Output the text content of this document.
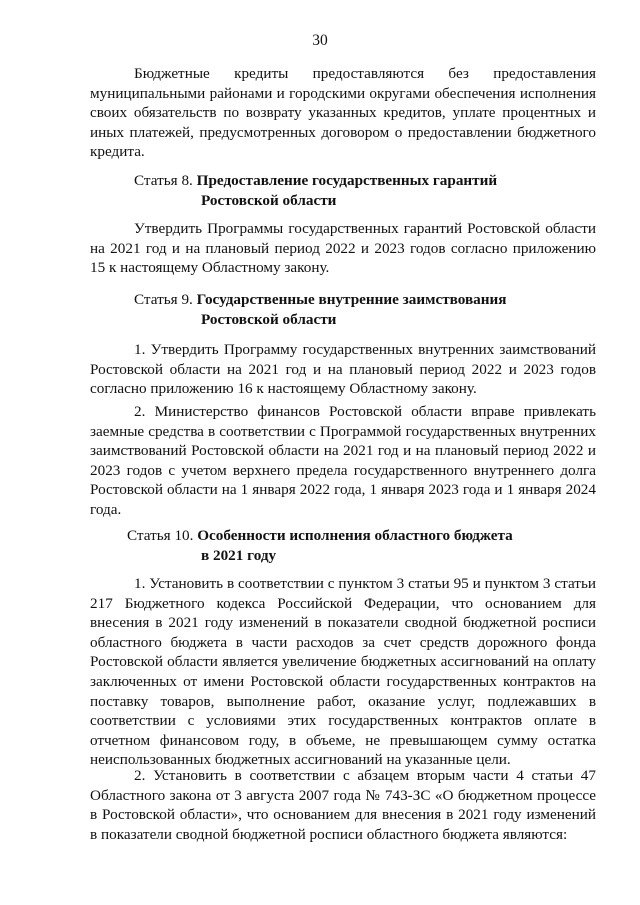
30

Бюджетные кредиты предоставляются без предоставления муниципальными районами и городскими округами обеспечения исполнения своих обязательств по возврату указанных кредитов, уплате процентных и иных платежей, предусмотренных договором о предоставлении бюджетного кредита.

Статья 8. Предоставление государственных гарантий
Ростовской области

Утвердить Программы государственных гарантий Ростовской области на 2021 год и на плановый период 2022 и 2023 годов согласно приложению 15 к настоящему Областному закону.

Статья 9. Государственные внутренние заимствования
Ростовской области

1. Утвердить Программу государственных внутренних заимствований Ростовской области на 2021 год и на плановый период 2022 и 2023 годов согласно приложению 16 к настоящему Областному закону.

2. Министерство финансов Ростовской области вправе привлекать заемные средства в соответствии с Программой государственных внутренних заимствований Ростовской области на 2021 год и на плановый период 2022 и 2023 годов с учетом верхнего предела государственного внутреннего долга Ростовской области на 1 января 2022 года, 1 января 2023 года и 1 января 2024 года.

Статья 10. Особенности исполнения областного бюджета
в 2021 году

1. Установить в соответствии с пунктом 3 статьи 95 и пунктом 3 статьи 217 Бюджетного кодекса Российской Федерации, что основанием для внесения в 2021 году изменений в показатели сводной бюджетной росписи областного бюджета в части расходов за счет средств дорожного фонда Ростовской области является увеличение бюджетных ассигнований на оплату заключенных от имени Ростовской области государственных контрактов на поставку товаров, выполнение работ, оказание услуг, подлежавших в соответствии с условиями этих государственных контрактов оплате в отчетном финансовом году, в объеме, не превышающем сумму остатка неиспользованных бюджетных ассигнований на указанные цели.

2. Установить в соответствии с абзацем вторым части 4 статьи 47 Областного закона от 3 августа 2007 года № 743-ЗС «О бюджетном процессе в Ростовской области», что основанием для внесения в 2021 году изменений в показатели сводной бюджетной росписи областного бюджета являются:
